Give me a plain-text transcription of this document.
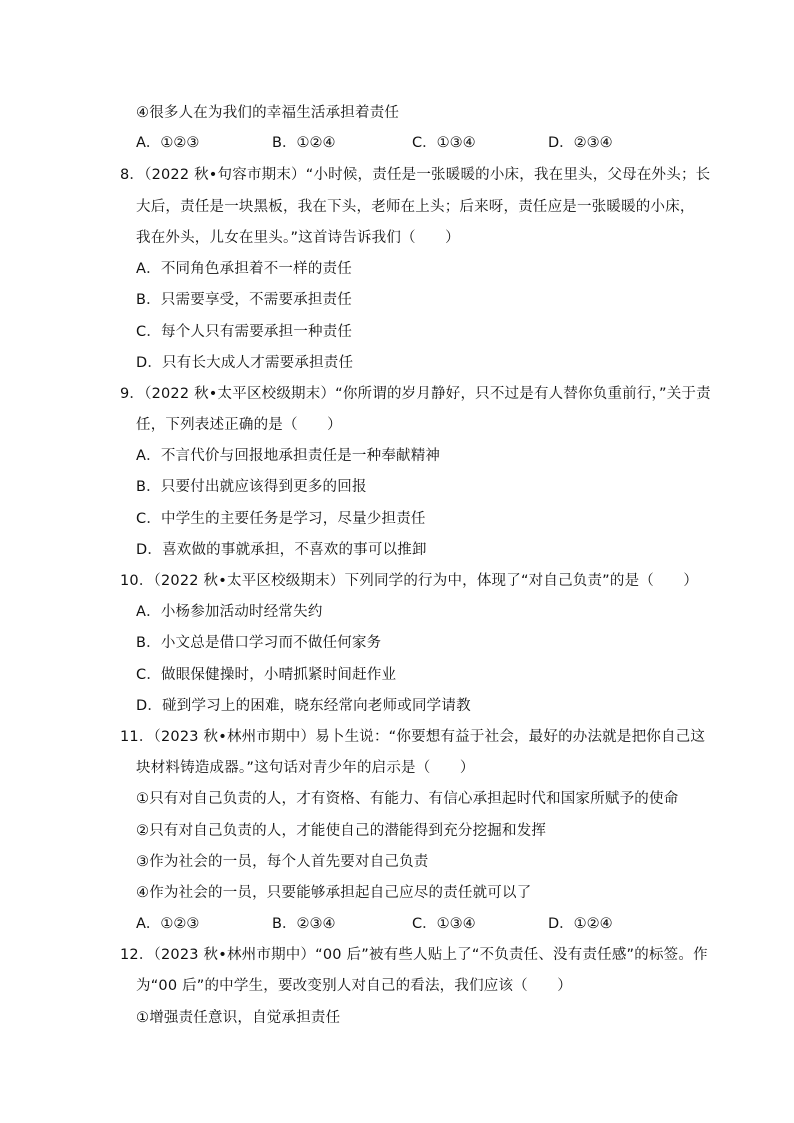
④很多人在为我们的幸福生活承担着责任
A．①②③	B．①②④	C．①③④	D．②③④
8．（2022 秋•句容市期末）“小时候，责任是一张暖暖的小床，我在里头，父母在外头；长
大后，责任是一块黑板，我在下头，老师在上头；后来呀，责任应是一张暖暖的小床，
我在外头，儿女在里头。”这首诗告诉我们（　　）
A．不同角色承担着不一样的责任
B．只需要享受，不需要承担责任
C．每个人只有需要承担一种责任
D．只有长大成人才需要承担责任
9．（2022 秋•太平区校级期末）“你所谓的岁月静好，只不过是有人替你负重前行，”关于责
任，下列表述正确的是（　　）
A．不言代价与回报地承担责任是一种奉献精神
B．只要付出就应该得到更多的回报
C．中学生的主要任务是学习，尽量少担责任
D．喜欢做的事就承担，不喜欢的事可以推卸
10．（2022 秋•太平区校级期末）下列同学的行为中，体现了“对自己负责”的是（　　）
A．小杨参加活动时经常失约
B．小文总是借口学习而不做任何家务
C．做眼保健操时，小晴抓紧时间赶作业
D．碰到学习上的困难，晓东经常向老师或同学请教
11．（2023 秋•林州市期中）易卜生说：“你要想有益于社会，最好的办法就是把你自己这
块材料铸造成器。”这句话对青少年的启示是（　　）
①只有对自己负责的人，才有资格、有能力、有信心承担起时代和国家所赋予的使命
②只有对自己负责的人，才能使自己的潜能得到充分挖掘和发挥
③作为社会的一员，每个人首先要对自己负责
④作为社会的一员，只要能够承担起自己应尽的责任就可以了
A．①②③	B．②③④	C．①③④	D．①②④
12．（2023 秋•林州市期中）“00 后”被有些人贴上了“不负责任、没有责任感”的标签。作
为“00 后”的中学生，要改变别人对自己的看法，我们应该（　　）
①增强责任意识，自觉承担责任
